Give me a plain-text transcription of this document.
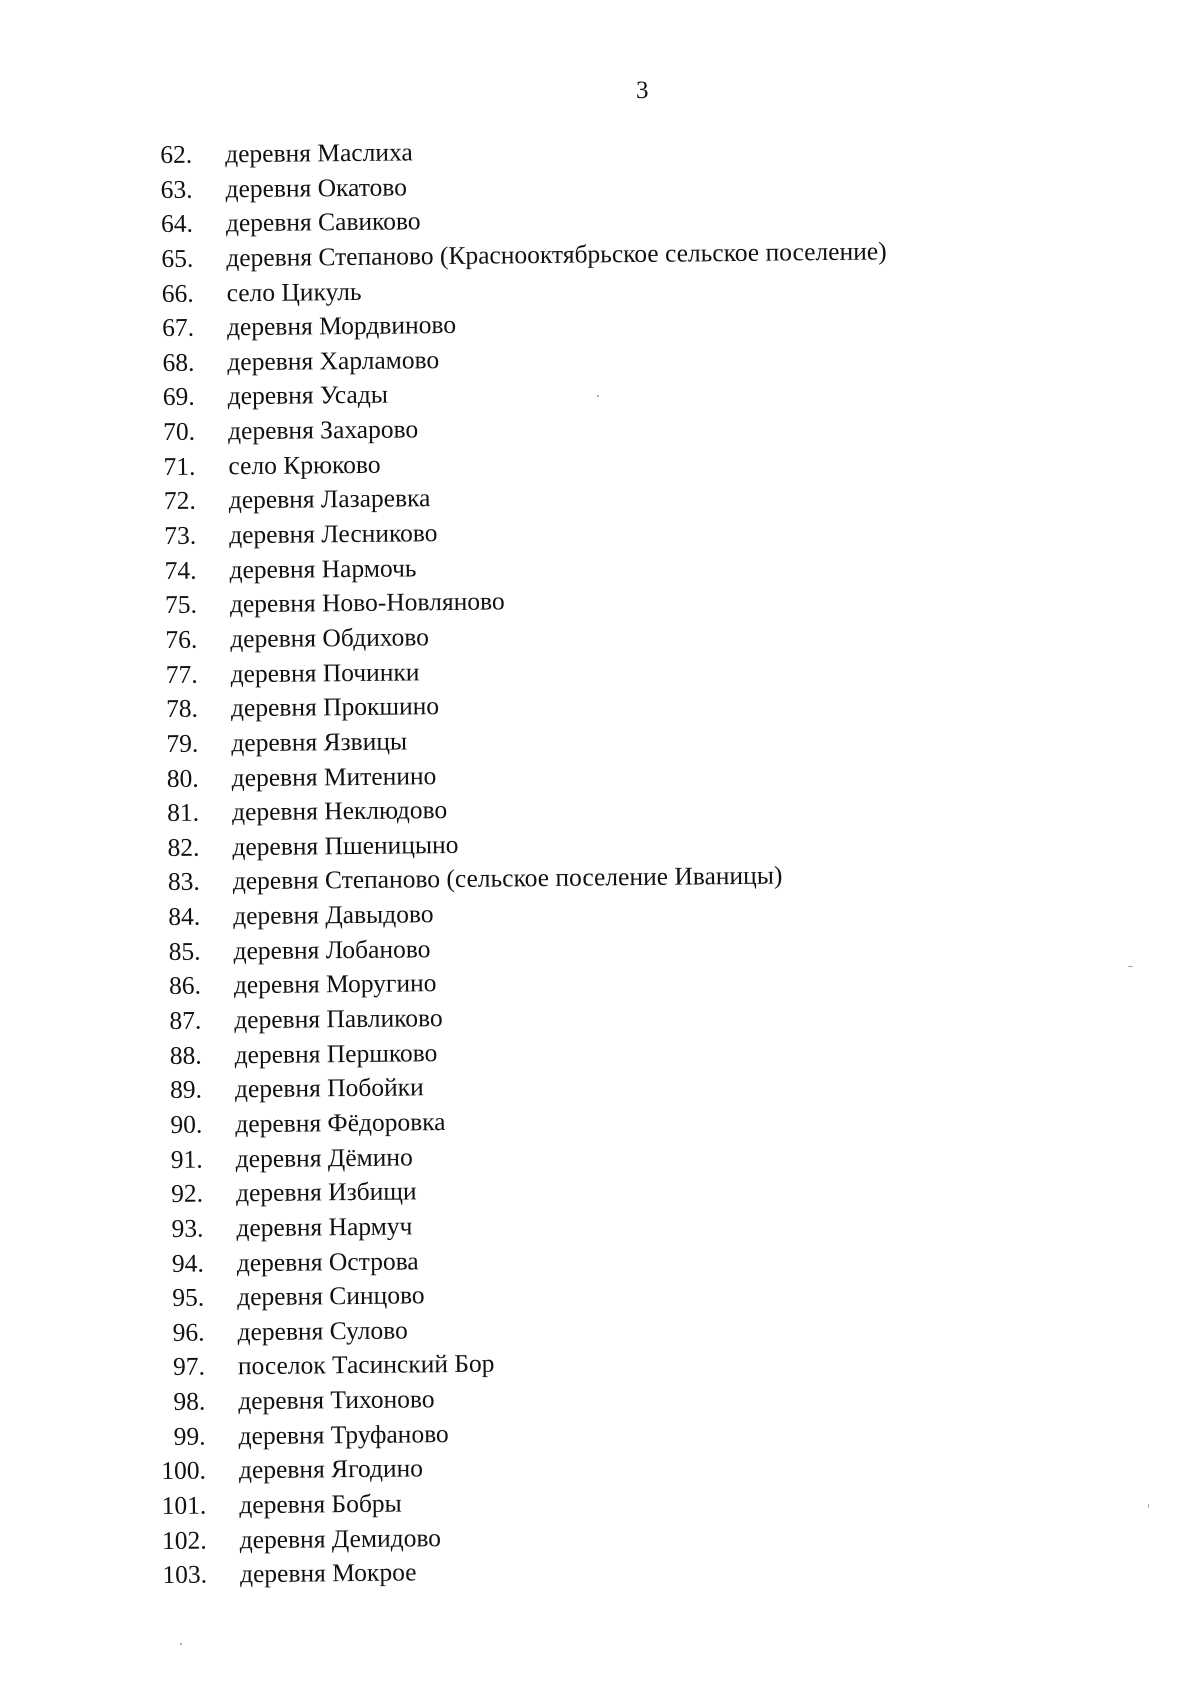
3
62. деревня Маслиха
63. деревня Окатово
64. деревня Савиково
65. деревня Степаново (Краснооктябрьское сельское поселение)
66. село Цикуль
67. деревня Мордвиново
68. деревня Харламово
69. деревня Усады
70. деревня Захарово
71. село Крюково
72. деревня Лазаревка
73. деревня Лесниково
74. деревня Нармочь
75. деревня Ново-Новляново
76. деревня Обдихово
77. деревня Починки
78. деревня Прокшино
79. деревня Язвицы
80. деревня Митенино
81. деревня Неклюдово
82. деревня Пшеницыно
83. деревня Степаново (сельское поселение Иваницы)
84. деревня Давыдово
85. деревня Лобаново
86. деревня Моругино
87. деревня Павликово
88. деревня Першково
89. деревня Побойки
90. деревня Фёдоровка
91. деревня Дёмино
92. деревня Избищи
93. деревня Нармуч
94. деревня Острова
95. деревня Синцово
96. деревня Сулово
97. поселок Тасинский Бор
98. деревня Тихоново
99. деревня Труфаново
100. деревня Ягодино
101. деревня Бобры
102. деревня Демидово
103. деревня Мокрое
